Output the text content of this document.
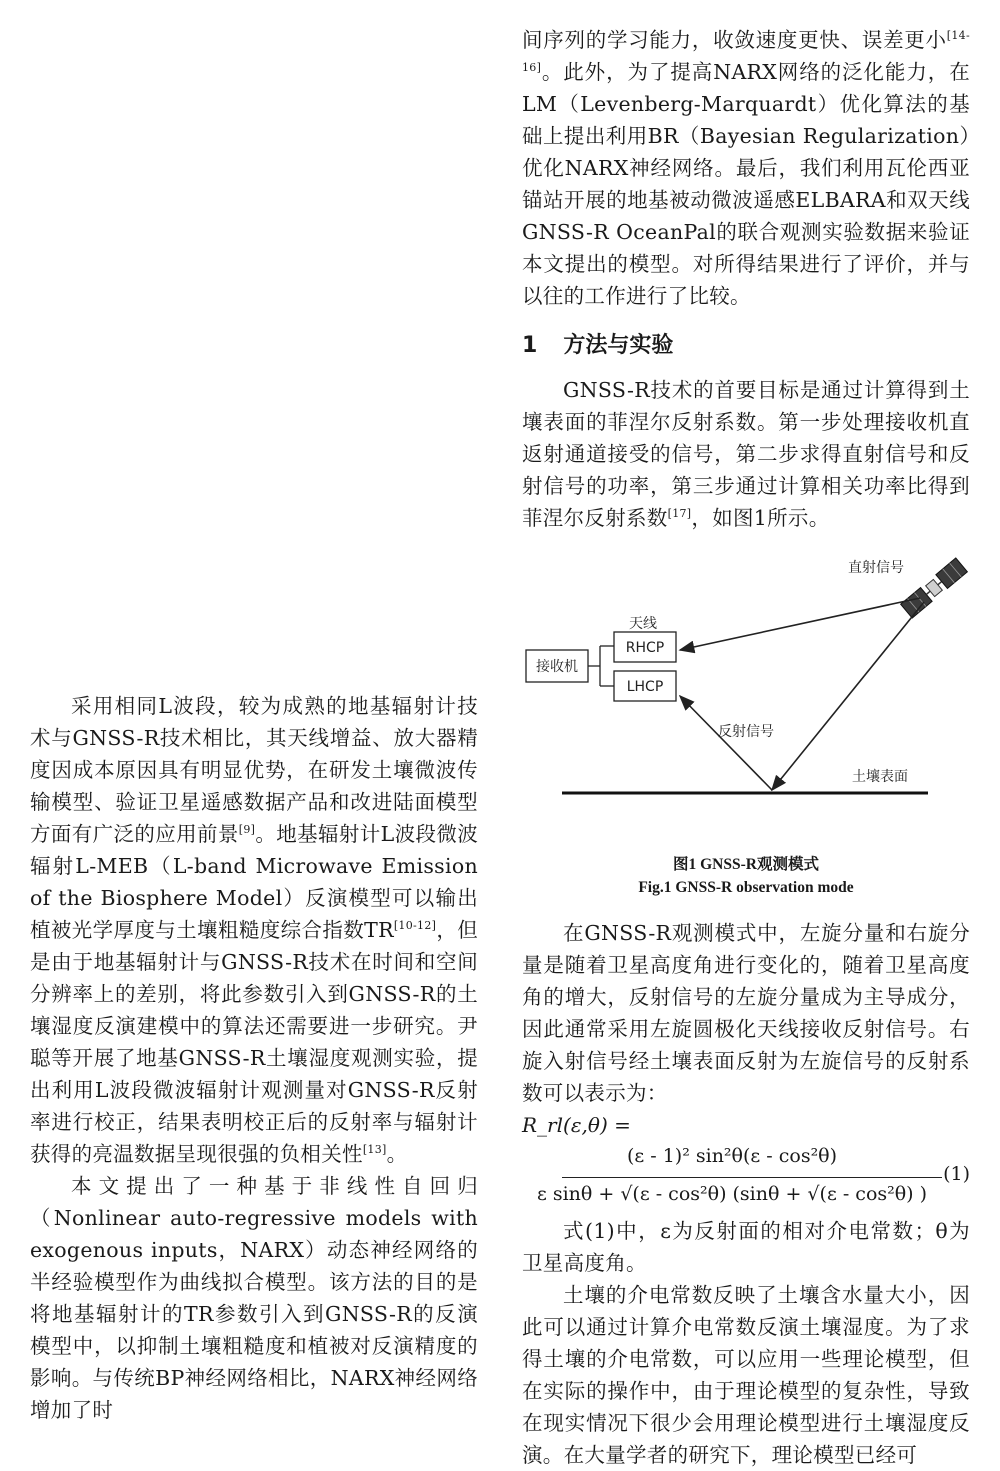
采用相同L波段，较为成熟的地基辐射计技术与GNSS-R技术相比，其天线增益、放大器精度因成本原因具有明显优势，在研发土壤微波传输模型、验证卫星遥感数据产品和改进陆面模型方面有广泛的应用前景[9]。地基辐射计L波段微波辐射L-MEB（L-band Microwave Emission of the Biosphere Model）反演模型可以输出植被光学厚度与土壤粗糙度综合指数TR[10-12]，但是由于地基辐射计与GNSS-R技术在时间和空间分辨率上的差别，将此参数引入到GNSS-R的土壤湿度反演建模中的算法还需要进一步研究。尹聪等开展了地基GNSS-R土壤湿度观测实验，提出利用L波段微波辐射计观测量对GNSS-R反射率进行校正，结果表明校正后的反射率与辐射计获得的亮温数据呈现很强的负相关性[13]。

本文提出了一种基于非线性自回归（Nonlinear auto-regressive models with exogenous inputs，NARX）动态神经网络的半经验模型作为曲线拟合模型。该方法的目的是将地基辐射计的TR参数引入到GNSS-R的反演模型中，以抑制土壤粗糙度和植被对反演精度的影响。与传统BP神经网络相比，NARX神经网络增加了时

间序列的学习能力，收敛速度更快、误差更小[14-16]。此外，为了提高NARX网络的泛化能力，在LM（Levenberg-Marquardt）优化算法的基础上提出利用BR（Bayesian Regularization）优化NARX神经网络。最后，我们利用瓦伦西亚锚站开展的地基被动微波遥感ELBARA和双天线GNSS-R OceanPal的联合观测实验数据来验证本文提出的模型。对所得结果进行了评价，并与以往的工作进行了比较。

1 方法与实验

GNSS-R技术的首要目标是通过计算得到土壤表面的菲涅尔反射系数。第一步处理接收机直返射通道接受的信号，第二步求得直射信号和反射信号的功率，第三步通过计算相关功率比得到菲涅尔反射系数[17]，如图1所示。

直射信号
天线
接收机
RHCP
LHCP
反射信号
土壤表面
图1 GNSS-R观测模式
Fig.1 GNSS-R observation mode

在GNSS-R观测模式中，左旋分量和右旋分量是随着卫星高度角进行变化的，随着卫星高度角的增大，反射信号的左旋分量成为主导成分，因此通常采用左旋圆极化天线接收反射信号。右旋入射信号经土壤表面反射为左旋信号的反射系数可以表示为：

R_rl(ε,θ) =
(ε - 1)² sin²θ(ε - cos²θ)
ε sinθ + √(ε - cos²θ) (sinθ + √(ε - cos²θ) )
(1)

式(1)中，ε为反射面的相对介电常数；θ为卫星高度角。

土壤的介电常数反映了土壤含水量大小，因此可以通过计算介电常数反演土壤湿度。为了求得土壤的介电常数，可以应用一些理论模型，但在实际的操作中，由于理论模型的复杂性，导致在现实情况下很少会用理论模型进行土壤湿度反演。在大量学者的研究下，理论模型已经可
